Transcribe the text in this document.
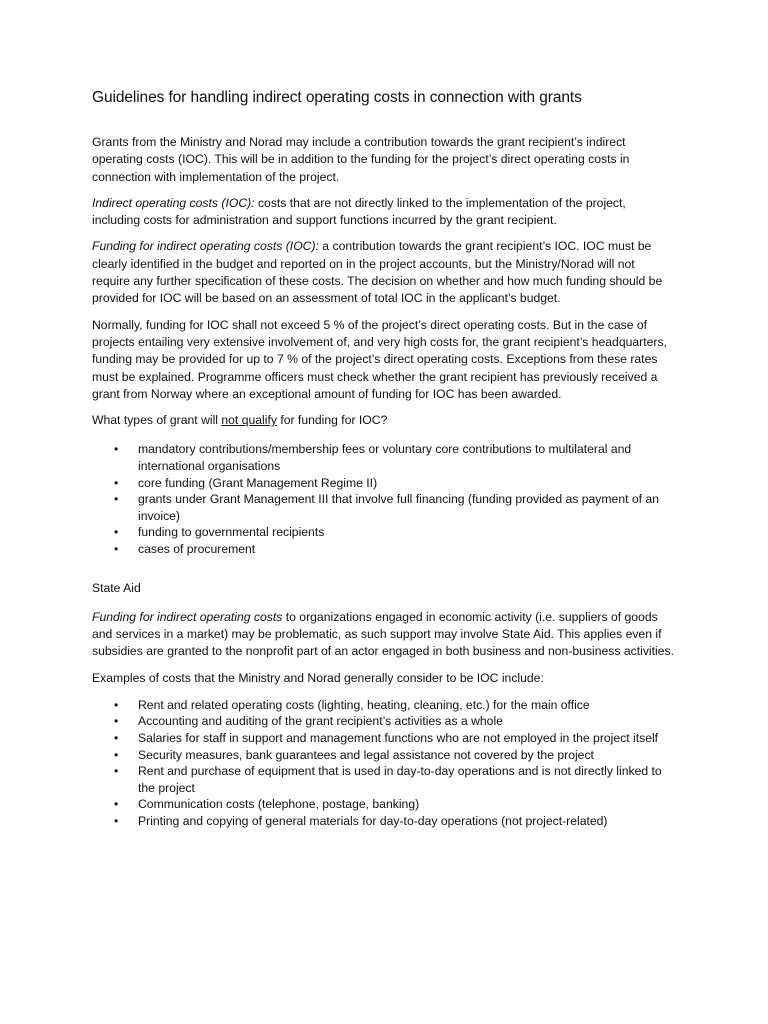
Guidelines for handling indirect operating costs in connection with grants

Grants from the Ministry and Norad may include a contribution towards the grant recipient’s indirect operating costs (IOC). This will be in addition to the funding for the project’s direct operating costs in connection with implementation of the project.

Indirect operating costs (IOC): costs that are not directly linked to the implementation of the project, including costs for administration and support functions incurred by the grant recipient.

Funding for indirect operating costs (IOC): a contribution towards the grant recipient’s IOC. IOC must be clearly identified in the budget and reported on in the project accounts, but the Ministry/Norad will not require any further specification of these costs. The decision on whether and how much funding should be provided for IOC will be based on an assessment of total IOC in the applicant’s budget.

Normally, funding for IOC shall not exceed 5 % of the project’s direct operating costs. But in the case of projects entailing very extensive involvement of, and very high costs for, the grant recipient’s headquarters, funding may be provided for up to 7 % of the project’s direct operating costs. Exceptions from these rates must be explained. Programme officers must check whether the grant recipient has previously received a grant from Norway where an exceptional amount of funding for IOC has been awarded.

What types of grant will not qualify for funding for IOC?

• mandatory contributions/membership fees or voluntary core contributions to multilateral and international organisations
• core funding (Grant Management Regime II)
• grants under Grant Management III that involve full financing (funding provided as payment of an invoice)
• funding to governmental recipients
• cases of procurement

State Aid

Funding for indirect operating costs to organizations engaged in economic activity (i.e. suppliers of goods and services in a market) may be problematic, as such support may involve State Aid. This applies even if subsidies are granted to the nonprofit part of an actor engaged in both business and non-business activities.

Examples of costs that the Ministry and Norad generally consider to be IOC include:

• Rent and related operating costs (lighting, heating, cleaning, etc.) for the main office
• Accounting and auditing of the grant recipient’s activities as a whole
• Salaries for staff in support and management functions who are not employed in the project itself
• Security measures, bank guarantees and legal assistance not covered by the project
• Rent and purchase of equipment that is used in day-to-day operations and is not directly linked to the project
• Communication costs (telephone, postage, banking)
• Printing and copying of general materials for day-to-day operations (not project-related)
